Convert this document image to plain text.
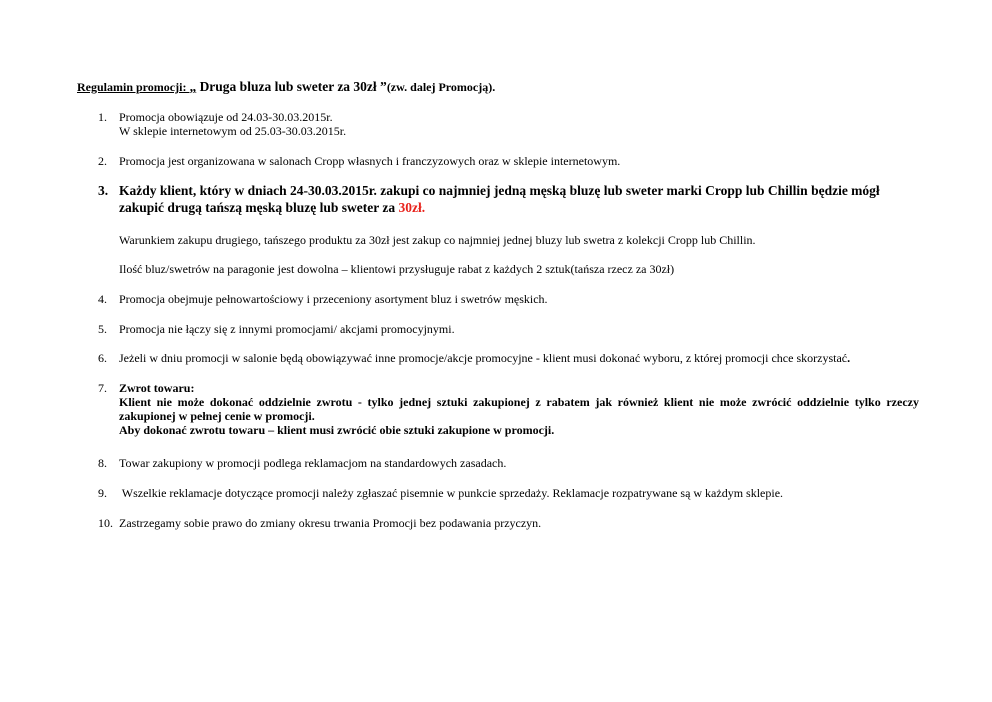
Regulamin promocji: „ Druga bluza lub sweter za 30zł ”(zw. dalej Promocją).
1. Promocja obowiązuje od 24.03-30.03.2015r.
W sklepie internetowym od 25.03-30.03.2015r.
2. Promocja jest organizowana w salonach Cropp własnych i franczyzowych oraz w sklepie internetowym.
3. Każdy klient, który w dniach 24-30.03.2015r. zakupi co najmniej jedną męską bluzę lub sweter marki Cropp lub Chillin będzie mógł
zakupić drugą tańszą męską bluzę lub sweter za 30zł.
Warunkiem zakupu drugiego, tańszego produktu za 30zł jest zakup co najmniej jednej bluzy lub swetra z kolekcji Cropp lub Chillin.
Ilość bluz/swetrów na paragonie jest dowolna – klientowi przysługuje rabat z każdych 2 sztuk(tańsza rzecz za 30zł)
4. Promocja obejmuje pełnowartościowy i przeceniony asortyment bluz i swetrów męskich.
5. Promocja nie łączy się z innymi promocjami/ akcjami promocyjnymi.
6. Jeżeli w dniu promocji w salonie będą obowiązywać inne promocje/akcje promocyjne - klient musi dokonać wyboru, z której promocji chce skorzystać.
7. Zwrot towaru:
Klient nie może dokonać oddzielnie zwrotu - tylko jednej sztuki zakupionej z rabatem jak również klient nie może zwrócić oddzielnie tylko rzeczy zakupionej w pełnej cenie w promocji.
Aby dokonać zwrotu towaru – klient musi zwrócić obie sztuki zakupione w promocji.
8. Towar zakupiony w promocji podlega reklamacjom na standardowych zasadach.
9. Wszelkie reklamacje dotyczące promocji należy zgłaszać pisemnie w punkcie sprzedaży. Reklamacje rozpatrywane są w każdym sklepie.
10. Zastrzegamy sobie prawo do zmiany okresu trwania Promocji bez podawania przyczyn.
